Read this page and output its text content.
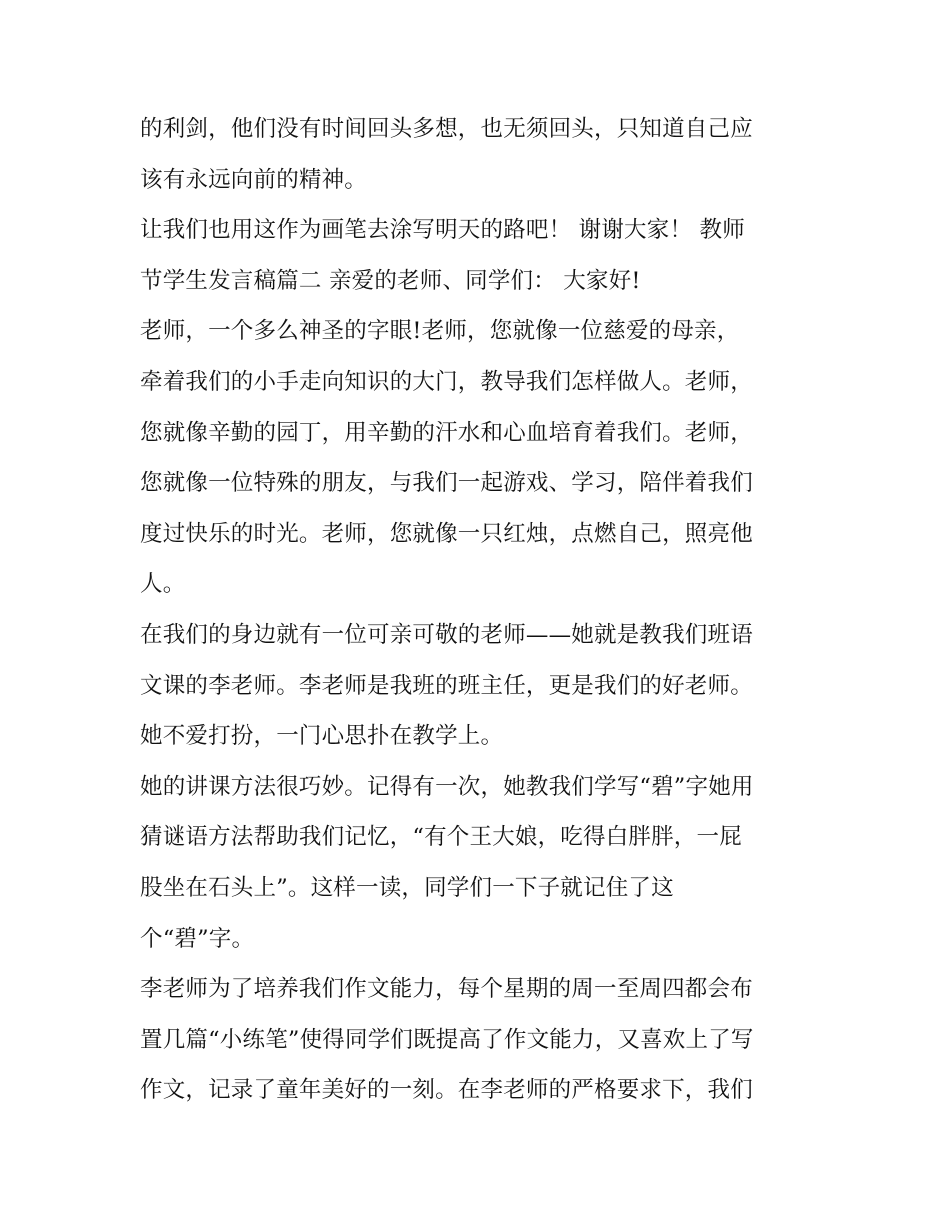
的利剑，他们没有时间回头多想，也无须回头，只知道自己应
该有永远向前的精神。
让我们也用这作为画笔去涂写明天的路吧！ 谢谢大家！ 教师
节学生发言稿篇二 亲爱的老师、同学们： 大家好!
老师，一个多么神圣的字眼!老师，您就像一位慈爱的母亲，
牵着我们的小手走向知识的大门，教导我们怎样做人。老师，
您就像辛勤的园丁，用辛勤的汗水和心血培育着我们。老师，
您就像一位特殊的朋友，与我们一起游戏、学习，陪伴着我们
度过快乐的时光。老师，您就像一只红烛，点燃自己，照亮他
人。
在我们的身边就有一位可亲可敬的老师——她就是教我们班语
文课的李老师。李老师是我班的班主任，更是我们的好老师。
她不爱打扮，一门心思扑在教学上。
她的讲课方法很巧妙。记得有一次，她教我们学写“碧”字她用
猜谜语方法帮助我们记忆，“有个王大娘，吃得白胖胖，一屁
股坐在石头上”。这样一读，同学们一下子就记住了这
个“碧”字。
李老师为了培养我们作文能力，每个星期的周一至周四都会布
置几篇“小练笔”使得同学们既提高了作文能力，又喜欢上了写
作文，记录了童年美好的一刻。在李老师的严格要求下，我们
